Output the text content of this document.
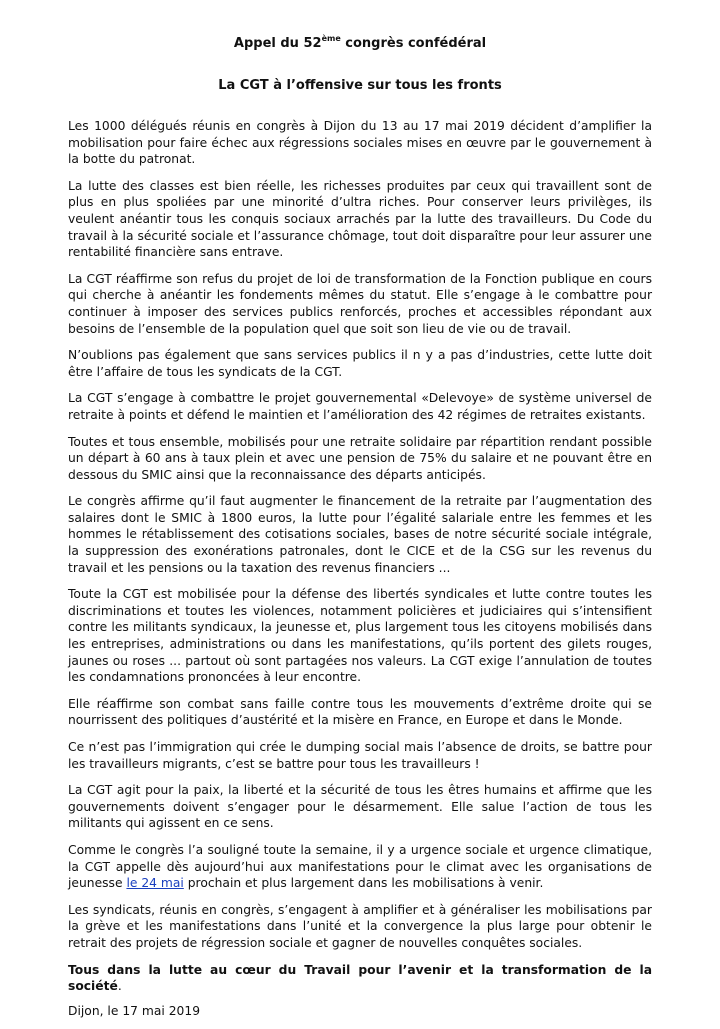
Appel du 52ème congrès confédéral
La CGT à l’offensive sur tous les fronts

Les 1000 délégués réunis en congrès à Dijon du 13 au 17 mai 2019 décident d’amplifier la mobilisation pour faire échec aux régressions sociales mises en œuvre par le gouvernement à la botte du patronat.

La lutte des classes est bien réelle, les richesses produites par ceux qui travaillent sont de plus en plus spoliées par une minorité d’ultra riches. Pour conserver leurs privilèges, ils veulent anéantir tous les conquis sociaux arrachés par la lutte des travailleurs. Du Code du travail à la sécurité sociale et l’assurance chômage, tout doit disparaître pour leur assurer une rentabilité financière sans entrave.

La CGT réaffirme son refus du projet de loi de transformation de la Fonction publique en cours qui cherche à anéantir les fondements mêmes du statut. Elle s’engage à le combattre pour continuer à imposer des services publics renforcés, proches et accessibles répondant aux besoins de l’ensemble de la population quel que soit son lieu de vie ou de travail.

N’oublions pas également que sans services publics il n y a pas d’industries, cette lutte doit être l’affaire de tous les syndicats de la CGT.

La CGT s’engage à combattre le projet gouvernemental «Delevoye» de système universel de retraite à points et défend le maintien et l’amélioration des 42 régimes de retraites existants.

Toutes et tous ensemble, mobilisés pour une retraite solidaire par répartition rendant possible un départ à 60 ans à taux plein et avec une pension de 75% du salaire et ne pouvant être en dessous du SMIC ainsi que la reconnaissance des départs anticipés.

Le congrès affirme qu’il faut augmenter le financement de la retraite par l’augmentation des salaires dont le SMIC à 1800 euros, la lutte pour l’égalité salariale entre les femmes et les hommes le rétablissement des cotisations sociales, bases de notre sécurité sociale intégrale, la suppression des exonérations patronales, dont le CICE et de la CSG sur les revenus du travail et les pensions ou la taxation des revenus financiers ...

Toute la CGT est mobilisée pour la défense des libertés syndicales et lutte contre toutes les discriminations et toutes les violences, notamment policières et judiciaires qui s’intensifient contre les militants syndicaux, la jeunesse et, plus largement tous les citoyens mobilisés dans les entreprises, administrations ou dans les manifestations, qu’ils portent des gilets rouges, jaunes ou roses ... partout où sont partagées nos valeurs. La CGT exige l’annulation de toutes les condamnations prononcées à leur encontre.

Elle réaffirme son combat sans faille contre tous les mouvements d’extrême droite qui se nourrissent des politiques d’austérité et la misère en France, en Europe et dans le Monde.

Ce n’est pas l’immigration qui crée le dumping social mais l’absence de droits, se battre pour les travailleurs migrants, c’est se battre pour tous les travailleurs !

La CGT agit pour la paix, la liberté et la sécurité de tous les êtres humains et affirme que les gouvernements doivent s’engager pour le désarmement. Elle salue l’action de tous les militants qui agissent en ce sens.

Comme le congrès l’a souligné toute la semaine, il y a urgence sociale et urgence climatique, la CGT appelle dès aujourd’hui aux manifestations pour le climat avec les organisations de jeunesse le 24 mai prochain et plus largement dans les mobilisations à venir.

Les syndicats, réunis en congrès, s’engagent à amplifier et à généraliser les mobilisations par la grève et les manifestations dans l’unité et la convergence la plus large pour obtenir le retrait des projets de régression sociale et gagner de nouvelles conquêtes sociales.

Tous dans la lutte au cœur du Travail pour l’avenir et la transformation de la société.

Dijon, le 17 mai 2019
